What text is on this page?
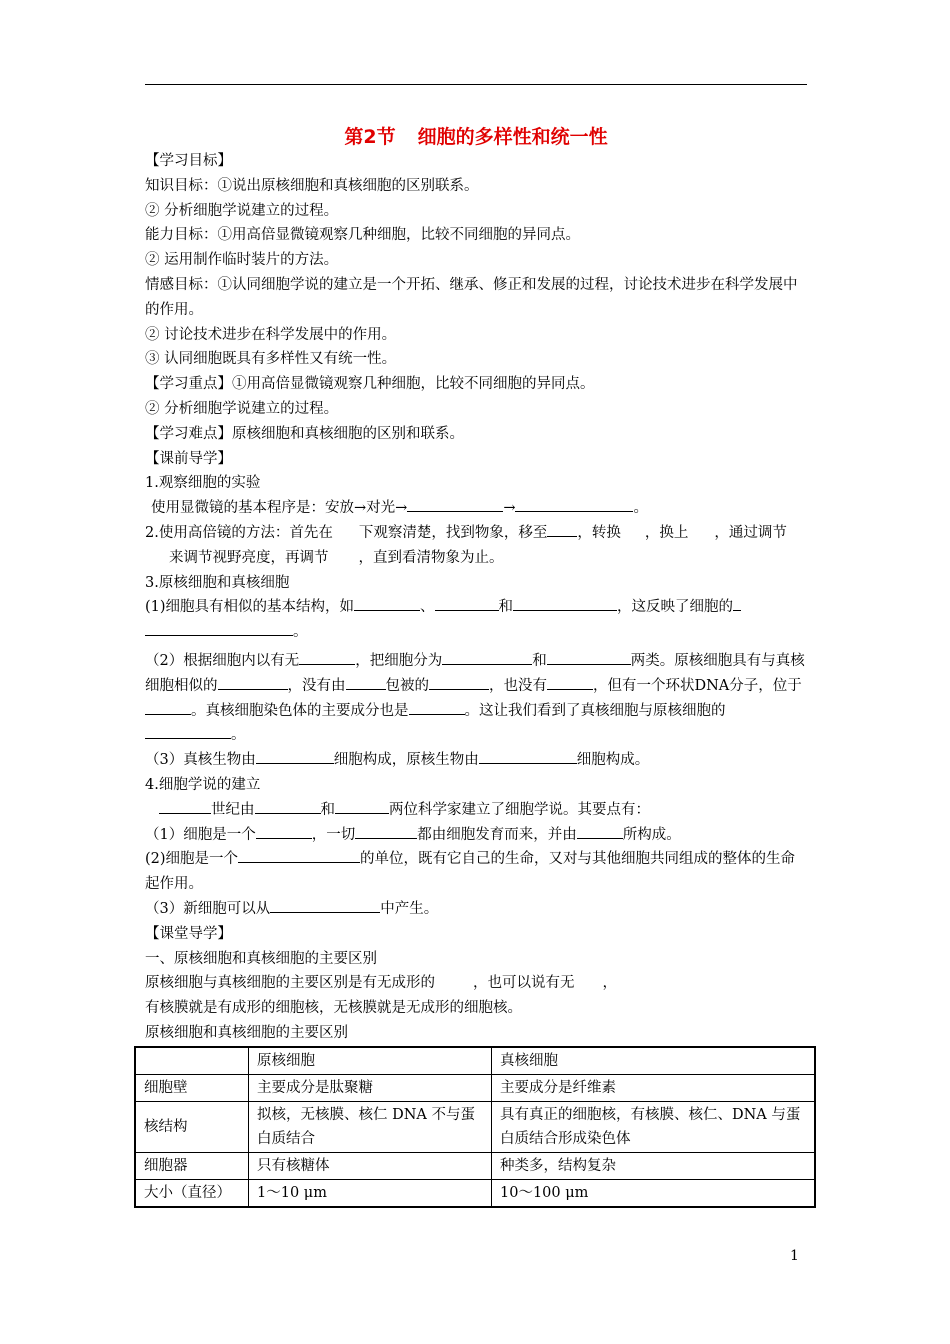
第2节 细胞的多样性和统一性

【学习目标】

知识目标：①说出原核细胞和真核细胞的区别联系。

② 分析细胞学说建立的过程。

能力目标：①用高倍显微镜观察几种细胞，比较不同细胞的异同点。

② 运用制作临时装片的方法。

情感目标：①认同细胞学说的建立是一个开拓、继承、修正和发展的过程，讨论技术进步在科学发展中的作用。

② 讨论技术进步在科学发展中的作用。

③ 认同细胞既具有多样性又有统一性。

【学习重点】①用高倍显微镜观察几种细胞，比较不同细胞的异同点。

② 分析细胞学说建立的过程。

【学习难点】原核细胞和真核细胞的区别和联系。

【课前导学】

1.观察细胞的实验

使用显微镜的基本程序是：安放→对光→	→	。

2.使用高倍镜的方法：首先在 下观察清楚，找到物象，移至 ，转换 ，换上 ，通过调节来调节视野亮度，再调节 ，直到看清物象为止。

3.原核细胞和真核细胞

(1)细胞具有相似的基本结构，如	、	和	，这反映了细胞的
。

（2）根据细胞内以有无	，把细胞分为	和	两类。原核细胞具有与真核细胞相似的	，没有由	包被的	，也没有	，但有一个环状DNA分子，位于。真核细胞染色体的主要成分也是	。这让我们看到了真核细胞与原核细胞的。

（3）真核生物由	细胞构成，原核生物由	细胞构成。

4.细胞学说的建立

世纪由	和	两位科学家建立了细胞学说。其要点有：

（1）细胞是一个	，一切	都由细胞发育而来，并由	所构成。

(2)细胞是一个	的单位，既有它自己的生命，又对与其他细胞共同组成的整体的生命起作用。

（3）新细胞可以从	中产生。

【课堂导学】

一、原核细胞和真核细胞的主要区别

原核细胞与真核细胞的主要区别是有无成形的	，也可以说有无 ，

有核膜就是有成形的细胞核，无核膜就是无成形的细胞核。

原核细胞和真核细胞的主要区别

	原核细胞	真核细胞
细胞壁	主要成分是肽聚糖	主要成分是纤维素
核结构	拟核，无核膜、核仁 DNA 不与蛋白质结合	具有真正的细胞核，有核膜、核仁、DNA 与蛋白质结合形成染色体
细胞器	只有核糖体	种类多，结构复杂
大小（直径）	1～10 μm	10～100 μm
1
